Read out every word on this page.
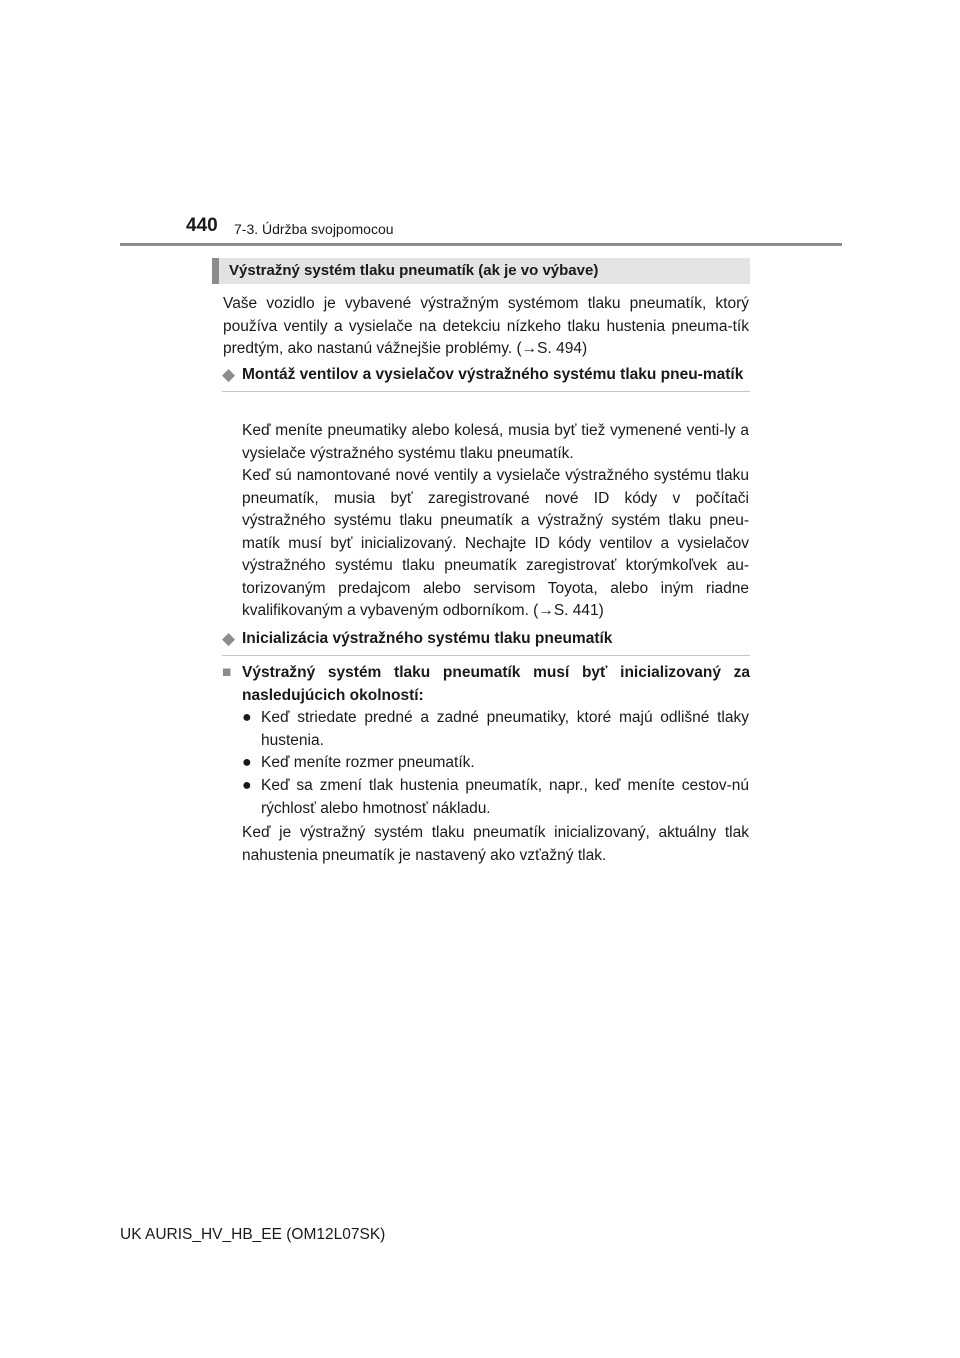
440 7-3. Údržba svojpomocou
Výstražný systém tlaku pneumatík (ak je vo výbave)
Vaše vozidlo je vybavené výstražným systémom tlaku pneumatík, ktorý používa ventily a vysielače na detekciu nízkeho tlaku hustenia pneuma-tík predtým, ako nastanú vážnejšie problémy. (→S. 494)
◆ Montáž ventilov a vysielačov výstražného systému tlaku pneu-matík
Keď meníte pneumatiky alebo kolesá, musia byť tiež vymenené venti-ly a vysielače výstražného systému tlaku pneumatík.
Keď sú namontované nové ventily a vysielače výstražného systému tlaku pneumatík, musia byť zaregistrované nové ID kódy v počítači výstražného systému tlaku pneumatík a výstražný systém tlaku pneu-matík musí byť inicializovaný. Nechajte ID kódy ventilov a vysielačov výstražného systému tlaku pneumatík zaregistrovať ktorýmkoľvek au-torizovaným predajcom alebo servisom Toyota, alebo iným riadne kvalifikovaným a vybaveným odborníkom. (→S. 441)
◆ Inicializácia výstražného systému tlaku pneumatík
■ Výstražný systém tlaku pneumatík musí byť inicializovaný za nasledujúcich okolností:
● Keď striedate predné a zadné pneumatiky, ktoré majú odlišné tlaky hustenia.
● Keď meníte rozmer pneumatík.
● Keď sa zmení tlak hustenia pneumatík, napr., keď meníte cestov-nú rýchlosť alebo hmotnosť nákladu.
Keď je výstražný systém tlaku pneumatík inicializovaný, aktuálny tlak nahustenia pneumatík je nastavený ako vzťažný tlak.
UK AURIS_HV_HB_EE (OM12L07SK)
